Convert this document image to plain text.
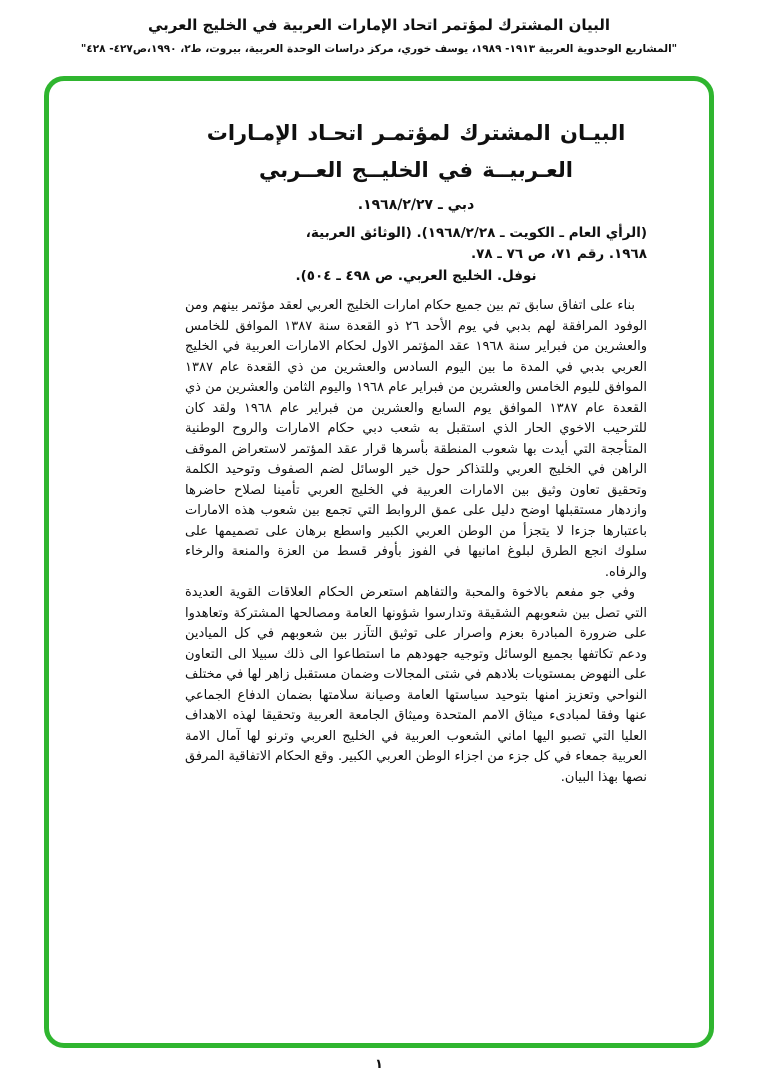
البيان المشترك لمؤتمر اتحاد الإمارات العربية في الخليج العربي
"المشاريع الوحدوية العربية ١٩١٣- ١٩٨٩، يوسف خوري، مركز دراسات الوحدة العربية، بيروت، ط٢، ١٩٩٠،ص٤٢٧- ٤٢٨"
البيـان المشترك لمؤتمـر اتحـاد الإمـارات
العـربيــة في الخليــج العــربي
دبي ـ ١٩٦٨/٢/٢٧.
(الرأي العام ـ الكويت ـ ١٩٦٨/٢/٢٨). (الوثائق العربية،
١٩٦٨. رقم ٧١، ص ٧٦ ـ ٧٨.
نوفل. الخليج العربي. ص ٤٩٨ ـ ٥٠٤).

بناء على اتفاق سابق تم بين جميع حكام امارات الخليج العربي لعقد مؤتمر بينهم ومن الوفود المرافقة لهم بدبي في يوم الأحد ٢٦ ذو القعدة سنة ١٣٨٧ الموافق للخامس والعشرين من فبراير سنة ١٩٦٨ عقد المؤتمر الاول لحكام الامارات العربية في الخليج العربي بدبي في المدة ما بين اليوم السادس والعشرين من ذي القعدة عام ١٣٨٧ الموافق لليوم الخامس والعشرين من فبراير عام ١٩٦٨ واليوم الثامن والعشرين من ذي القعدة عام ١٣٨٧ الموافق يوم السابع والعشرين من فبراير عام ١٩٦٨ ولقد كان للترحيب الاخوي الحار الذي استقبل به شعب دبي حكام الامارات والروح الوطنية المتأججة التي أيدت بها شعوب المنطقة بأسرها قرار عقد المؤتمر لاستعراض الموقف الراهن في الخليج العربي وللتذاكر حول خير الوسائل لضم الصفوف وتوحيد الكلمة وتحقيق تعاون وثيق بين الامارات العربية في الخليج العربي تأمينا لصلاح حاضرها وازدهار مستقبلها اوضح دليل على عمق الروابط التي تجمع بين شعوب هذه الامارات باعتبارها جزءا لا يتجزأ من الوطن العربي الكبير واسطع برهان على تصميمها على سلوك انجع الطرق لبلوغ امانيها في الفوز بأوفر قسط من العزة والمنعة والرخاء والرفاه.

وفي جو مفعم بالاخوة والمحبة والتفاهم استعرض الحكام العلاقات القوية العديدة التي تصل بين شعوبهم الشقيقة وتدارسوا شؤونها العامة ومصالحها المشتركة وتعاهدوا على ضرورة المبادرة بعزم واصرار على توثيق التآزر بين شعوبهم في كل الميادين ودعم تكاتفها بجميع الوسائل وتوجيه جهودهم ما استطاعوا الى ذلك سبيلا الى التعاون على النهوض بمستويات بلادهم في شتى المجالات وضمان مستقبل زاهر لها في مختلف النواحي وتعزيز امنها بتوحيد سياستها العامة وصيانة سلامتها بضمان الدفاع الجماعي عنها وفقا لمبادىء ميثاق الامم المتحدة وميثاق الجامعة العربية وتحقيقا لهذه الاهداف العليا التي تصبو اليها اماني الشعوب العربية في الخليج العربي وترنو لها آمال الامة العربية جمعاء في كل جزء من اجزاء الوطن العربي الكبير. وقع الحكام الاتفاقية المرفق نصها بهذا البيان.

١
